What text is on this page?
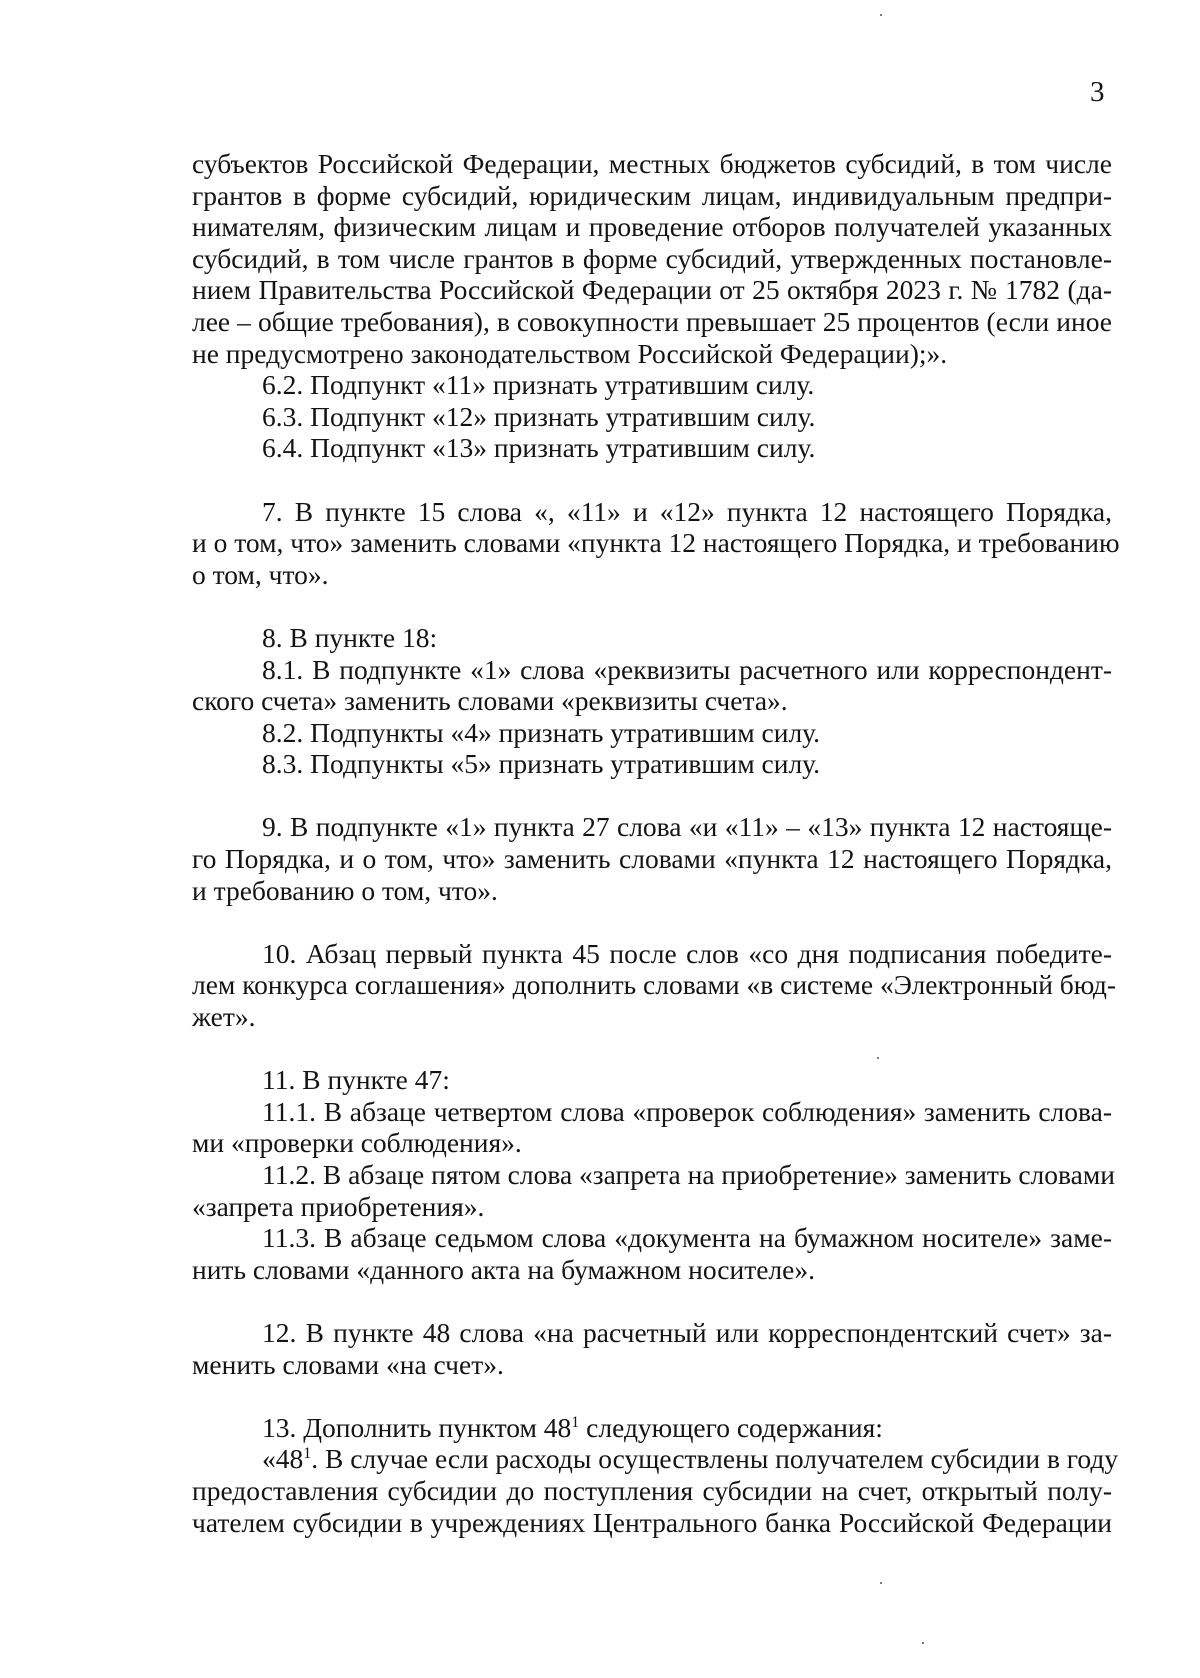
3
субъектов Российской Федерации, местных бюджетов субсидий, в том числе
грантов в форме субсидий, юридическим лицам, индивидуальным предпри-
нимателям, физическим лицам и проведение отборов получателей указанных
субсидий, в том числе грантов в форме субсидий, утвержденных постановле-
нием Правительства Российской Федерации от 25 октября 2023 г. № 1782 (да-
лее – общие требования), в совокупности превышает 25 процентов (если иное
не предусмотрено законодательством Российской Федерации);».
6.2. Подпункт «11» признать утратившим силу.
6.3. Подпункт «12» признать утратившим силу.
6.4. Подпункт «13» признать утратившим силу.
7. В пункте 15 слова «, «11» и «12» пункта 12 настоящего Порядка,
и о том, что» заменить словами «пункта 12 настоящего Порядка, и требованию
о том, что».
8. В пункте 18:
8.1. В подпункте «1» слова «реквизиты расчетного или корреспондент-
ского счета» заменить словами «реквизиты счета».
8.2. Подпункты «4» признать утратившим силу.
8.3. Подпункты «5» признать утратившим силу.
9. В подпункте «1» пункта 27 слова «и «11» – «13» пункта 12 настояще-
го Порядка, и о том, что» заменить словами «пункта 12 настоящего Порядка,
и требованию о том, что».
10. Абзац первый пункта 45 после слов «со дня подписания победите-
лем конкурса соглашения» дополнить словами «в системе «Электронный бюд-
жет».
11. В пункте 47:
11.1. В абзаце четвертом слова «проверок соблюдения» заменить слова-
ми «проверки соблюдения».
11.2. В абзаце пятом слова «запрета на приобретение» заменить словами
«запрета приобретения».
11.3. В абзаце седьмом слова «документа на бумажном носителе» заме-
нить словами «данного акта на бумажном носителе».
12. В пункте 48 слова «на расчетный или корреспондентский счет» за-
менить словами «на счет».
13. Дополнить пунктом $48^1$ следующего содержания:
«$48^1$. В случае если расходы осуществлены получателем субсидии в году
предоставления субсидии до поступления субсидии на счет, открытый полу-
чателем субсидии в учреждениях Центрального банка Российской Федерации
